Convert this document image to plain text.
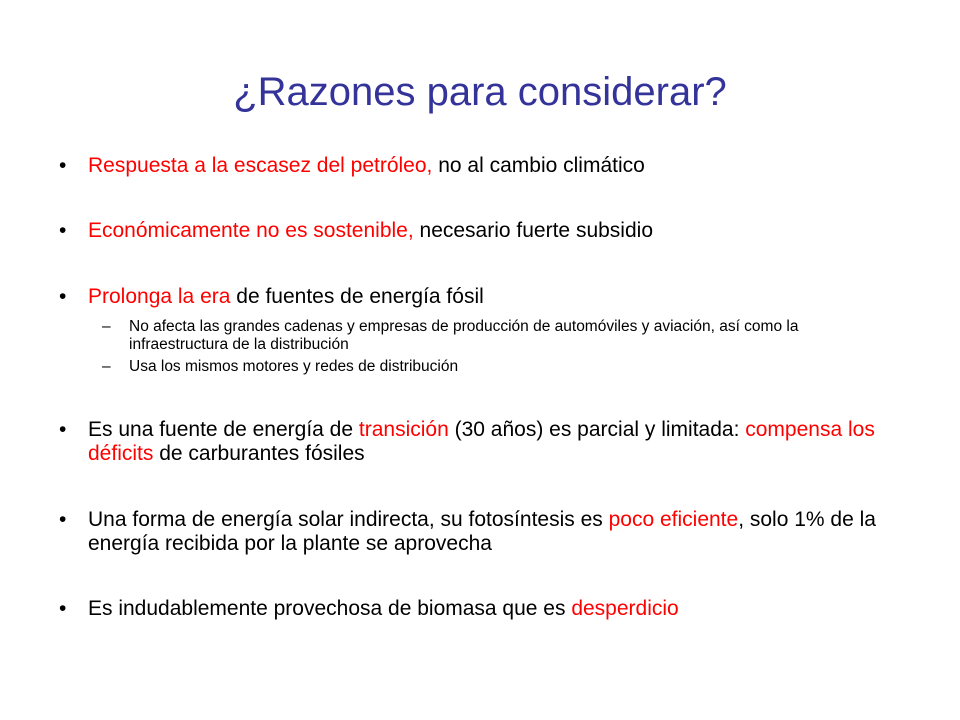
¿Razones para considerar?
•	Respuesta a la escasez del petróleo, no al cambio climático
•	Económicamente no es sostenible, necesario fuerte subsidio
•	Prolonga la era de fuentes de energía fósil
– No afecta las grandes cadenas y empresas de producción de automóviles y aviación, así como la infraestructura de la distribución
– Usa los mismos motores y redes de distribución
•	Es una fuente de energía de transición (30 años) es parcial y limitada: compensa los déficits de carburantes fósiles
•	Una forma de energía solar indirecta, su fotosíntesis es poco eficiente, solo 1% de la energía recibida por la plante se aprovecha
•	Es indudablemente provechosa de biomasa que es desperdicio
